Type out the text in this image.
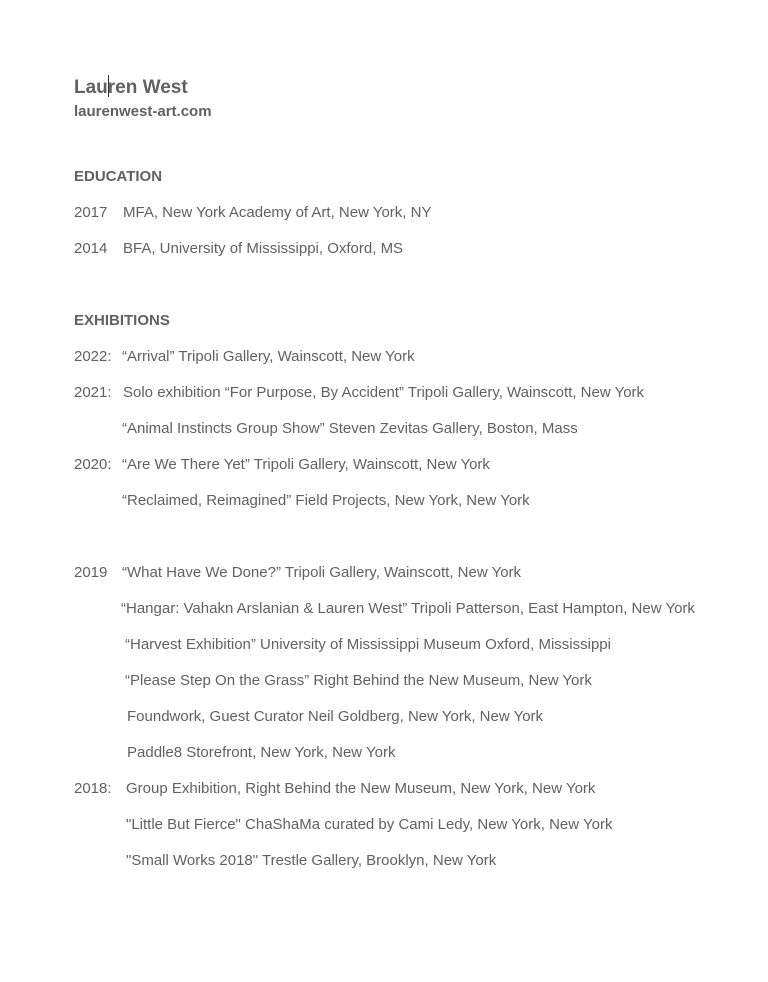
Lauren West
laurenwest-art.com
EDUCATION
2017 MFA, New York Academy of Art, New York, NY
2014 BFA, University of Mississippi, Oxford, MS
EXHIBITIONS
2022: “Arrival” Tripoli Gallery, Wainscott, New York
2021: Solo exhibition “For Purpose, By Accident” Tripoli Gallery, Wainscott, New York
“Animal Instincts Group Show” Steven Zevitas Gallery, Boston, Mass
2020: “Are We There Yet” Tripoli Gallery, Wainscott, New York
“Reclaimed, Reimagined” Field Projects, New York, New York
2019 “What Have We Done?” Tripoli Gallery, Wainscott, New York
“Hangar: Vahakn Arslanian & Lauren West” Tripoli Patterson, East Hampton, New York
“Harvest Exhibition” University of Mississippi Museum Oxford, Mississippi
“Please Step On the Grass” Right Behind the New Museum, New York
Foundwork, Guest Curator Neil Goldberg, New York, New York
Paddle8 Storefront, New York, New York
2018: Group Exhibition, Right Behind the New Museum, New York, New York
"Little But Fierce" ChaShaMa curated by Cami Ledy, New York, New York
"Small Works 2018" Trestle Gallery, Brooklyn, New York
